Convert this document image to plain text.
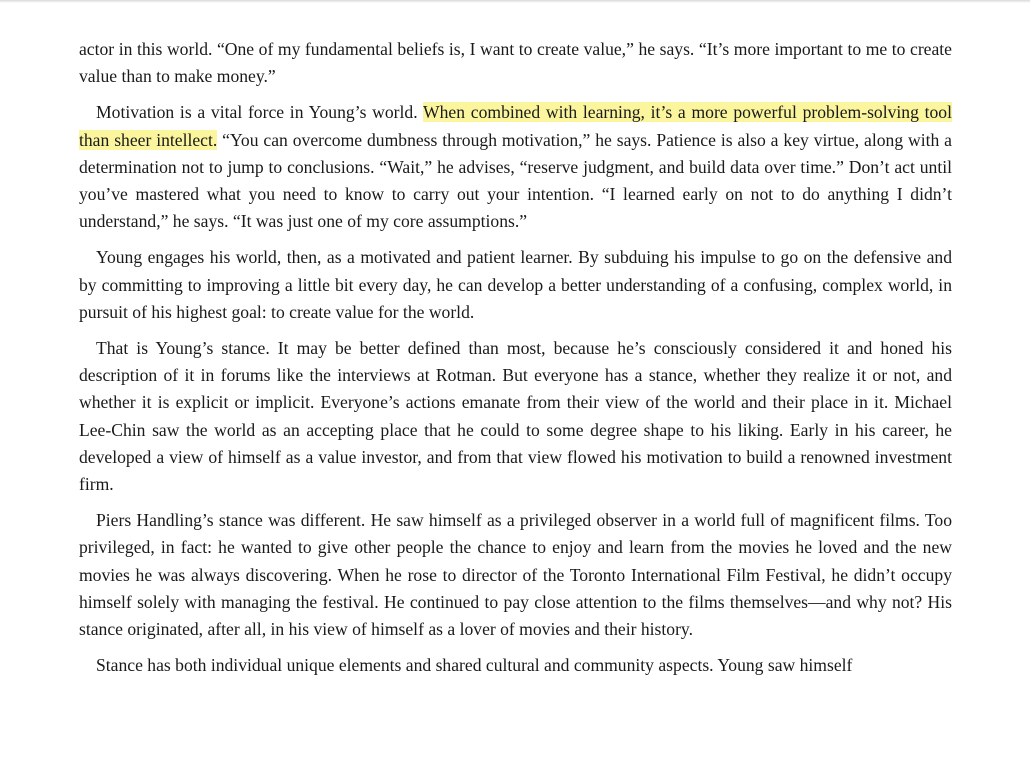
actor in this world. “One of my fundamental beliefs is, I want to create value,” he says. “It’s more important to me to create value than to make money.”

Motivation is a vital force in Young’s world. When combined with learning, it’s a more powerful problem-solving tool than sheer intellect. “You can overcome dumbness through motivation,” he says. Patience is also a key virtue, along with a determination not to jump to conclusions. “Wait,” he advises, “reserve judgment, and build data over time.” Don’t act until you’ve mastered what you need to know to carry out your intention. “I learned early on not to do anything I didn’t understand,” he says. “It was just one of my core assumptions.”

Young engages his world, then, as a motivated and patient learner. By subduing his impulse to go on the defensive and by committing to improving a little bit every day, he can develop a better understanding of a confusing, complex world, in pursuit of his highest goal: to create value for the world.

That is Young’s stance. It may be better defined than most, because he’s consciously considered it and honed his description of it in forums like the interviews at Rotman. But everyone has a stance, whether they realize it or not, and whether it is explicit or implicit. Everyone’s actions emanate from their view of the world and their place in it. Michael Lee-Chin saw the world as an accepting place that he could to some degree shape to his liking. Early in his career, he developed a view of himself as a value investor, and from that view flowed his motivation to build a renowned investment firm.

Piers Handling’s stance was different. He saw himself as a privileged observer in a world full of magnificent films. Too privileged, in fact: he wanted to give other people the chance to enjoy and learn from the movies he loved and the new movies he was always discovering. When he rose to director of the Toronto International Film Festival, he didn’t occupy himself solely with managing the festival. He continued to pay close attention to the films themselves—and why not? His stance originated, after all, in his view of himself as a lover of movies and their history.

Stance has both individual unique elements and shared cultural and community aspects. Young saw himself
